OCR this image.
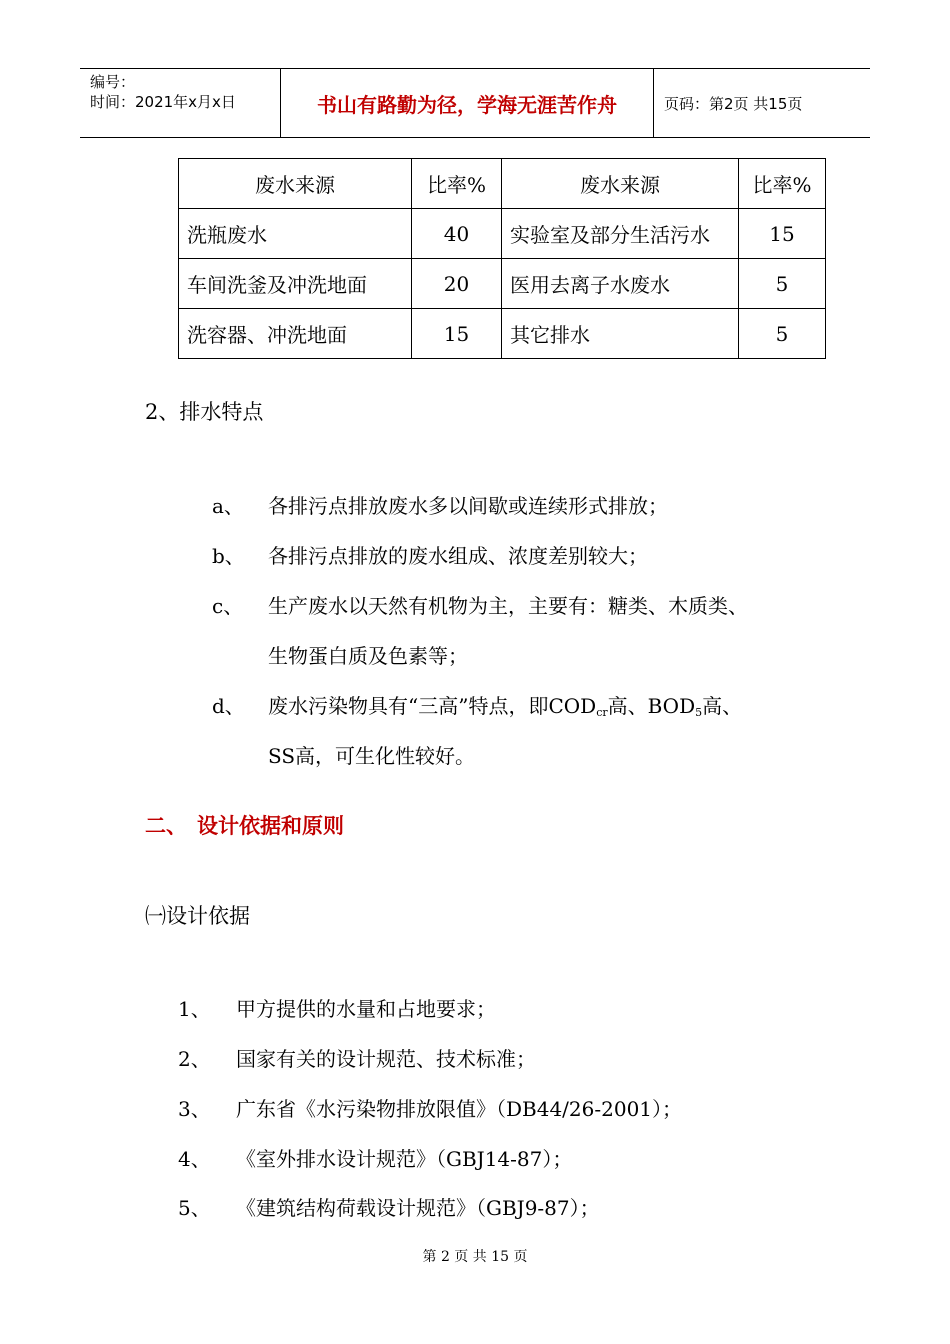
编号：
时间：2021年x月x日	书山有路勤为径，学海无涯苦作舟	页码：第2页 共15页
废水来源	比率%	废水来源	比率%
洗瓶废水	40	实验室及部分生活污水	15
车间洗釜及冲洗地面	20	医用去离子水废水	5
洗容器、冲洗地面	15	其它排水	5
2、排水特点
a、 各排污点排放废水多以间歇或连续形式排放；
b、 各排污点排放的废水组成、浓度差别较大；
c、 生产废水以天然有机物为主，主要有：糖类、木质类、
生物蛋白质及色素等；
d、 废水污染物具有“三高”特点，即$COD_{cr}$高、$BOD_5$高、
SS高，可生化性较好。
二、 设计依据和原则
㈠设计依据
1、 甲方提供的水量和占地要求；
2、 国家有关的设计规范、技术标准；
3、 广东省《水污染物排放限值》（DB44/26-2001）；
4、 《室外排水设计规范》（GBJ14-87）；
5、 《建筑结构荷载设计规范》（GBJ9-87）；
第 2 页 共 15 页
